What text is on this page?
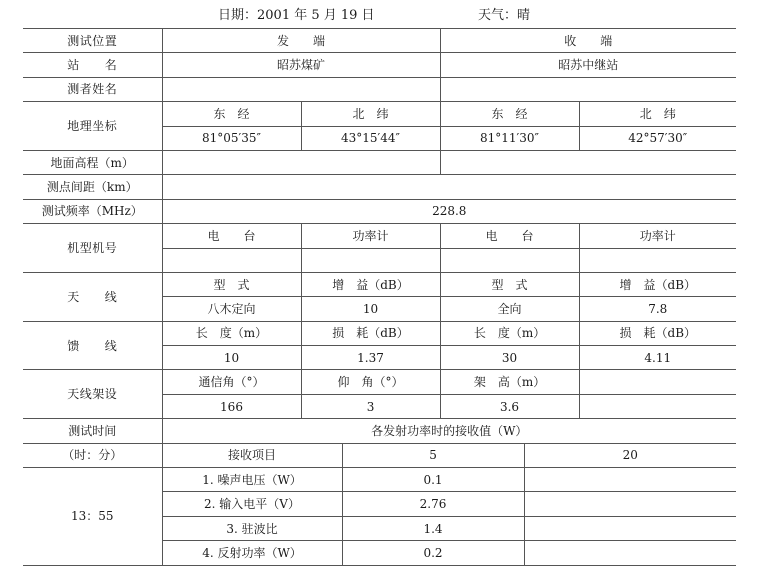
日期：2001 年 5 月 19 日	天气：晴
测试位置	发　　端			收　　端		
站　　名	昭苏煤矿			昭苏中继站		
测者姓名						
地理坐标	东　经	北　纬		东　经		北　纬
	81°05′35″	43°15′44″		81°11′30″		42°57′30″
地面高程（m）						
测点间距（km）						
测试频率（MHz）	228.8					
机型机号	电　　台	功率计		电　　台		功率计

天　　线	型　式	增　益（dB）		型　式		增　益（dB）
	八木定向	10		全向		7.8
馈　　线	长　度（m）	损　耗（dB）		长　度（m）		损　耗（dB）
	10	1.37		30		4.11
天线架设	通信角（°）	仰　角（°）		架　高（m）		
	166	3		3.6		
测试时间	各发射功率时的接收值（W）					
（时：分）	接收项目		5		20	
13：55	1. 噪声电压（W）		0.1			
	2. 输入电平（V）		2.76			
	3. 驻波比		1.4			
	4. 反射功率（W）		0.2			
